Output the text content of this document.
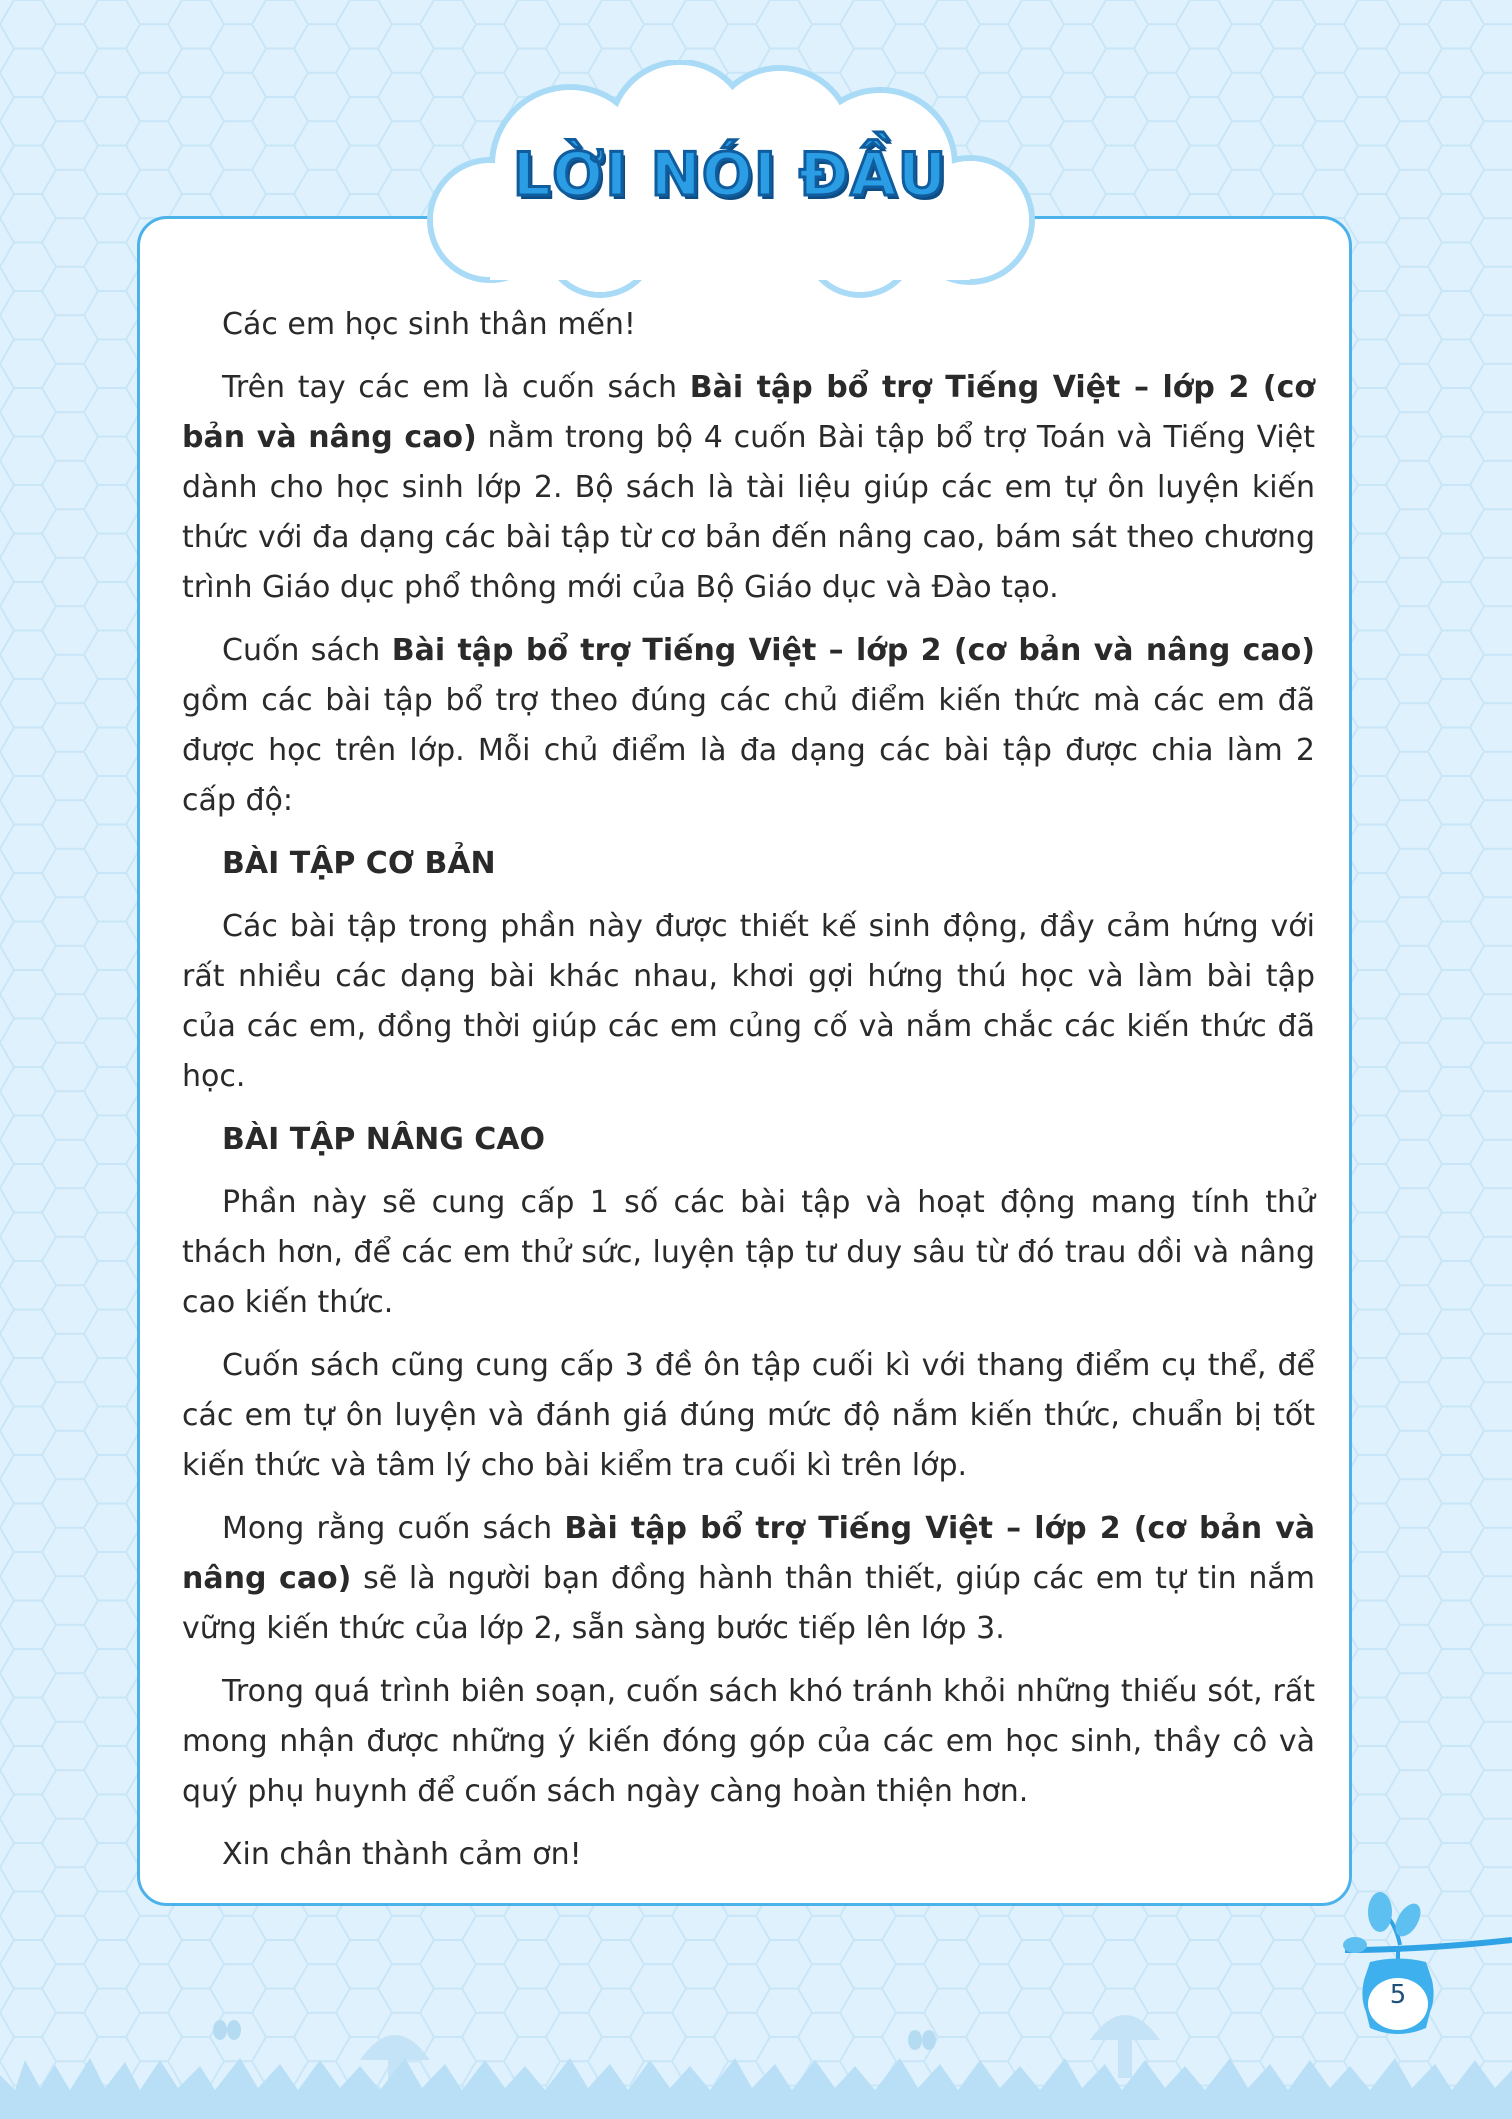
LỜI NÓI ĐẦU

Các em học sinh thân mến!

Trên tay các em là cuốn sách Bài tập bổ trợ Tiếng Việt – lớp 2 (cơ bản và nâng cao) nằm trong bộ 4 cuốn Bài tập bổ trợ Toán và Tiếng Việt dành cho học sinh lớp 2. Bộ sách là tài liệu giúp các em tự ôn luyện kiến thức với đa dạng các bài tập từ cơ bản đến nâng cao, bám sát theo chương trình Giáo dục phổ thông mới của Bộ Giáo dục và Đào tạo.

Cuốn sách Bài tập bổ trợ Tiếng Việt – lớp 2 (cơ bản và nâng cao) gồm các bài tập bổ trợ theo đúng các chủ điểm kiến thức mà các em đã được học trên lớp. Mỗi chủ điểm là đa dạng các bài tập được chia làm 2 cấp độ:

BÀI TẬP CƠ BẢN

Các bài tập trong phần này được thiết kế sinh động, đầy cảm hứng với rất nhiều các dạng bài khác nhau, khơi gợi hứng thú học và làm bài tập của các em, đồng thời giúp các em củng cố và nắm chắc các kiến thức đã học.

BÀI TẬP NÂNG CAO

Phần này sẽ cung cấp 1 số các bài tập và hoạt động mang tính thử thách hơn, để các em thử sức, luyện tập tư duy sâu từ đó trau dồi và nâng cao kiến thức.

Cuốn sách cũng cung cấp 3 đề ôn tập cuối kì với thang điểm cụ thể, để các em tự ôn luyện và đánh giá đúng mức độ nắm kiến thức, chuẩn bị tốt kiến thức và tâm lý cho bài kiểm tra cuối kì trên lớp.

Mong rằng cuốn sách Bài tập bổ trợ Tiếng Việt – lớp 2 (cơ bản và nâng cao) sẽ là người bạn đồng hành thân thiết, giúp các em tự tin nắm vững kiến thức của lớp 2, sẵn sàng bước tiếp lên lớp 3.

Trong quá trình biên soạn, cuốn sách khó tránh khỏi những thiếu sót, rất mong nhận được những ý kiến đóng góp của các em học sinh, thầy cô và quý phụ huynh để cuốn sách ngày càng hoàn thiện hơn.

Xin chân thành cảm ơn!

5
